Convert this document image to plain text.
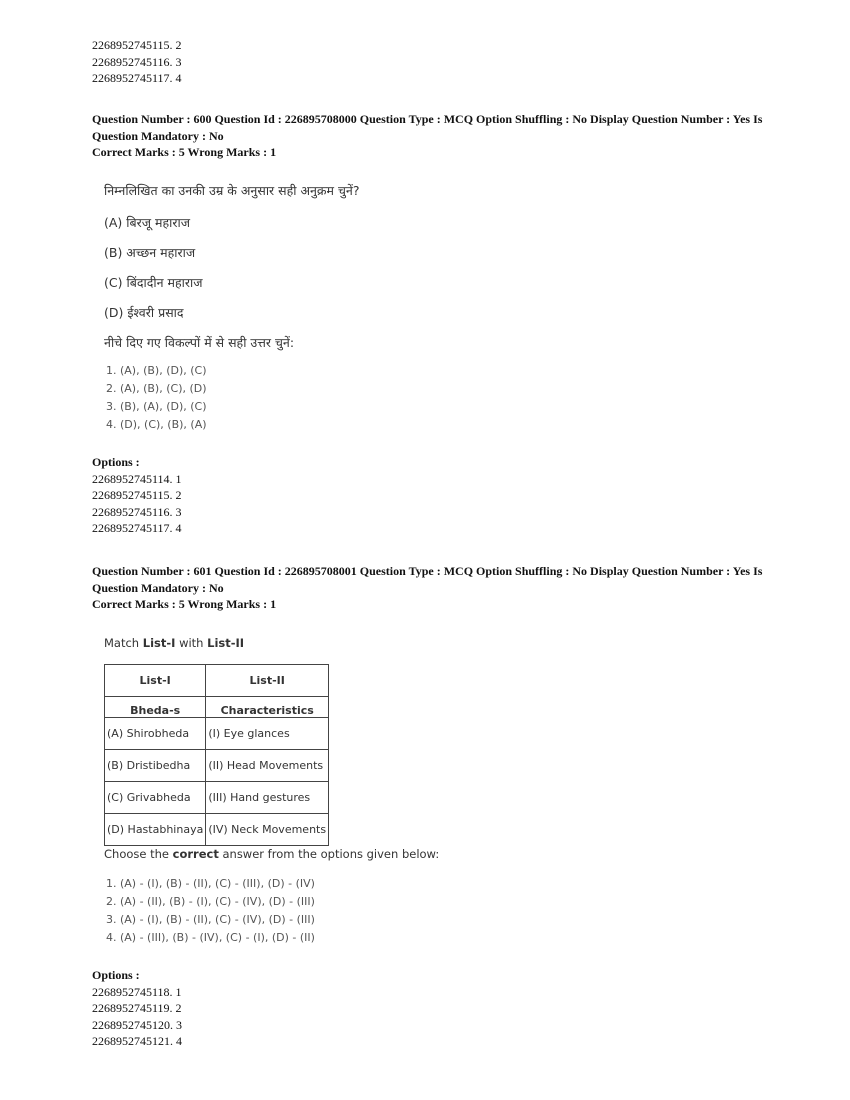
2268952745115. 2
2268952745116. 3
2268952745117. 4
Question Number : 600 Question Id : 226895708000 Question Type : MCQ Option Shuffling : No Display Question Number : Yes Is
Question Mandatory : No
Correct Marks : 5 Wrong Marks : 1
निम्नलिखित का उनकी उम्र के अनुसार सही अनुक्रम चुनें?
(A) बिरजू महाराज
(B) अच्छन महाराज
(C) बिंदादीन महाराज
(D) ईश्वरी प्रसाद
नीचे दिए गए विकल्पों में से सही उत्तर चुनें:
1. (A), (B), (D), (C)
2. (A), (B), (C), (D)
3. (B), (A), (D), (C)
4. (D), (C), (B), (A)
Options :
2268952745114. 1
2268952745115. 2
2268952745116. 3
2268952745117. 4
Question Number : 601 Question Id : 226895708001 Question Type : MCQ Option Shuffling : No Display Question Number : Yes Is
Question Mandatory : No
Correct Marks : 5 Wrong Marks : 1
Match List-I with List-II
List-I	List-II
Bheda-s	Characteristics
(A) Shirobheda	(I) Eye glances
(B) Dristibedha	(II) Head Movements
(C) Grivabheda	(III) Hand gestures
(D) Hastabhinaya	(IV) Neck Movements
Choose the correct answer from the options given below:
1. (A) - (I), (B) - (II), (C) - (III), (D) - (IV)
2. (A) - (II), (B) - (I), (C) - (IV), (D) - (III)
3. (A) - (I), (B) - (II), (C) - (IV), (D) - (III)
4. (A) - (III), (B) - (IV), (C) - (I), (D) - (II)
Options :
2268952745118. 1
2268952745119. 2
2268952745120. 3
2268952745121. 4
